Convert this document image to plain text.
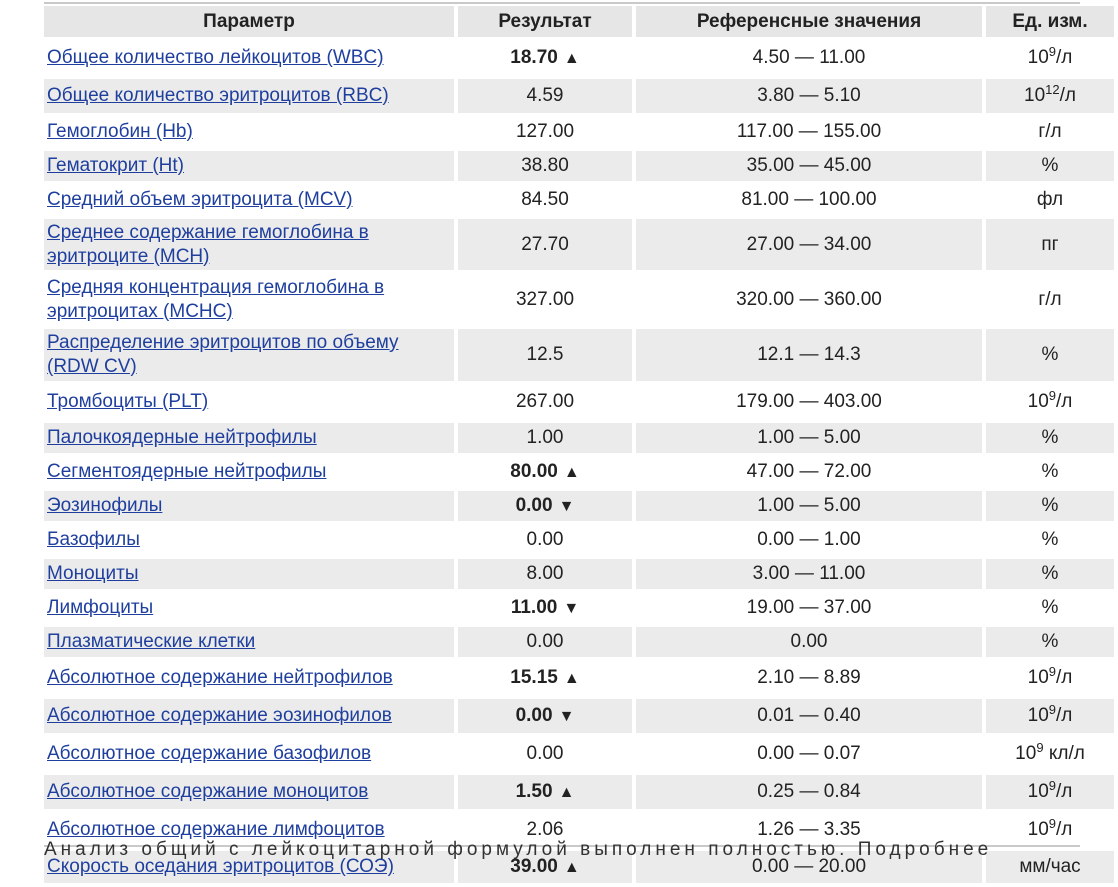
Параметр	Результат	Референсные значения	Ед. изм.
Общее количество лейкоцитов (WBC)	18.70 ▲	4.50 — 11.00	$10^9/л$
Общее количество эритроцитов (RBC)	4.59	3.80 — 5.10	$10^{12}/л$
Гемоглобин (Hb)	127.00	117.00 — 155.00	г/л
Гематокрит (Ht)	38.80	35.00 — 45.00	%
Средний объем эритроцита (MCV)	84.50	81.00 — 100.00	фл
Среднее содержание гемоглобина в эритроците (MCH)	27.70	27.00 — 34.00	пг
Средняя концентрация гемоглобина в эритроцитах (MCHC)	327.00	320.00 — 360.00	г/л
Распределение эритроцитов по объему (RDW CV)	12.5	12.1 — 14.3	%
Тромбоциты (PLT)	267.00	179.00 — 403.00	$10^9/л$
Палочкоядерные нейтрофилы	1.00	1.00 — 5.00	%
Сегментоядерные нейтрофилы	80.00 ▲	47.00 — 72.00	%
Эозинофилы	0.00 ▼	1.00 — 5.00	%
Базофилы	0.00	0.00 — 1.00	%
Моноциты	8.00	3.00 — 11.00	%
Лимфоциты	11.00 ▼	19.00 — 37.00	%
Плазматические клетки	0.00	0.00	%
Абсолютное содержание нейтрофилов	15.15 ▲	2.10 — 8.89	$10^9/л$
Абсолютное содержание эозинофилов	0.00 ▼	0.01 — 0.40	$10^9/л$
Абсолютное содержание базофилов	0.00	0.00 — 0.07	$10^9$ кл/л
Абсолютное содержание моноцитов	1.50 ▲	0.25 — 0.84	$10^9/л$
Абсолютное содержание лимфоцитов	2.06	1.26 — 3.35	$10^9/л$
Скорость оседания эритроцитов (СОЭ)	39.00 ▲	0.00 — 20.00	мм/час
Анализ общий с лейкоцитарной формулой выполнен полностью. Подробнее
